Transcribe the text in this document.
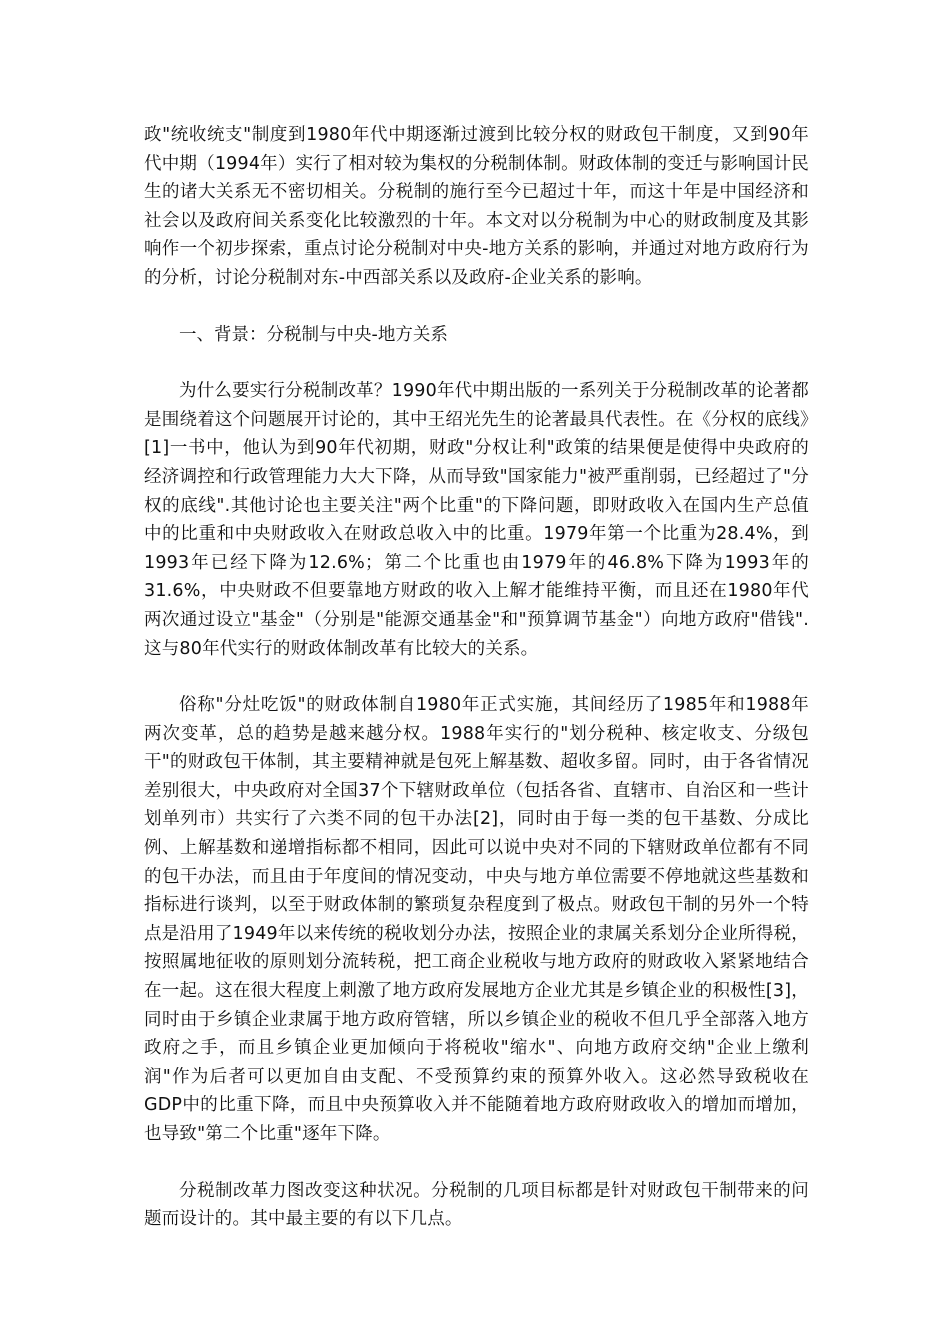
政"统收统支"制度到1980年代中期逐渐过渡到比较分权的财政包干制度，又到90年代中期（1994年）实行了相对较为集权的分税制体制。财政体制的变迁与影响国计民生的诸大关系无不密切相关。分税制的施行至今已超过十年，而这十年是中国经济和社会以及政府间关系变化比较激烈的十年。本文对以分税制为中心的财政制度及其影响作一个初步探索，重点讨论分税制对中央-地方关系的影响，并通过对地方政府行为的分析，讨论分税制对东-中西部关系以及政府-企业关系的影响。

一、背景：分税制与中央-地方关系

为什么要实行分税制改革？1990年代中期出版的一系列关于分税制改革的论著都是围绕着这个问题展开讨论的，其中王绍光先生的论著最具代表性。在《分权的底线》[1]一书中，他认为到90年代初期，财政"分权让利"政策的结果便是使得中央政府的经济调控和行政管理能力大大下降，从而导致"国家能力"被严重削弱，已经超过了"分权的底线".其他讨论也主要关注"两个比重"的下降问题，即财政收入在国内生产总值中的比重和中央财政收入在财政总收入中的比重。1979年第一个比重为28.4%，到1993年已经下降为12.6%；第二个比重也由1979年的46.8%下降为1993年的31.6%，中央财政不但要靠地方财政的收入上解才能维持平衡，而且还在1980年代两次通过设立"基金"（分别是"能源交通基金"和"预算调节基金"）向地方政府"借钱".这与80年代实行的财政体制改革有比较大的关系。

俗称"分灶吃饭"的财政体制自1980年正式实施，其间经历了1985年和1988年两次变革，总的趋势是越来越分权。1988年实行的"划分税种、核定收支、分级包干"的财政包干体制，其主要精神就是包死上解基数、超收多留。同时，由于各省情况差别很大，中央政府对全国37个下辖财政单位（包括各省、直辖市、自治区和一些计划单列市）共实行了六类不同的包干办法[2]，同时由于每一类的包干基数、分成比例、上解基数和递增指标都不相同，因此可以说中央对不同的下辖财政单位都有不同的包干办法，而且由于年度间的情况变动，中央与地方单位需要不停地就这些基数和指标进行谈判，以至于财政体制的繁琐复杂程度到了极点。财政包干制的另外一个特点是沿用了1949年以来传统的税收划分办法，按照企业的隶属关系划分企业所得税，按照属地征收的原则划分流转税，把工商企业税收与地方政府的财政收入紧紧地结合在一起。这在很大程度上刺激了地方政府发展地方企业尤其是乡镇企业的积极性[3]，同时由于乡镇企业隶属于地方政府管辖，所以乡镇企业的税收不但几乎全部落入地方政府之手，而且乡镇企业更加倾向于将税收"缩水"、向地方政府交纳"企业上缴利润"作为后者可以更加自由支配、不受预算约束的预算外收入。这必然导致税收在GDP中的比重下降，而且中央预算收入并不能随着地方政府财政收入的增加而增加，也导致"第二个比重"逐年下降。

分税制改革力图改变这种状况。分税制的几项目标都是针对财政包干制带来的问题而设计的。其中最主要的有以下几点。
